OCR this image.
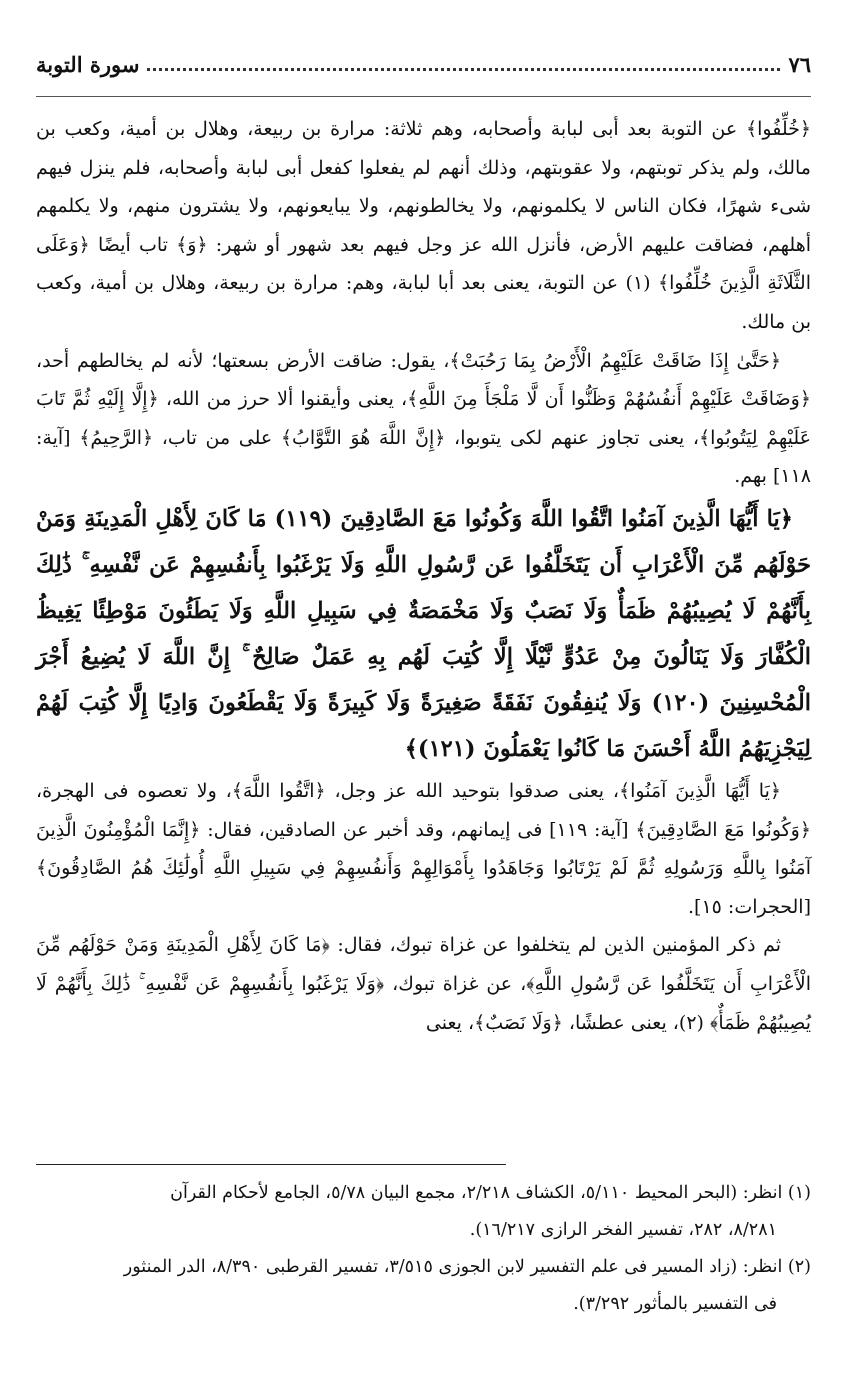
٧٦
سورة التوبة

﴿خُلِّفُوا﴾ عن التوبة بعد أبى لبابة وأصحابه، وهم ثلاثة: مرارة بن ربيعة، وهلال بن أمية، وكعب بن مالك، ولم يذكر توبتهم، ولا عقوبتهم، وذلك أنهم لم يفعلوا كفعل أبى لبابة وأصحابه، فلم ينزل فيهم شىء شهرًا، فكان الناس لا يكلمونهم، ولا يخالطونهم، ولا يبايعونهم، ولا يشترون منهم، ولا يكلمهم أهلهم، فضاقت عليهم الأرض، فأنزل الله عز وجل فيهم بعد شهور أو شهر: ﴿وَ﴾ تاب أيضًا ﴿وَعَلَى الثَّلَاثَةِ الَّذِينَ خُلِّفُوا﴾ (١) عن التوبة، يعنى بعد أبا لبابة، وهم: مرارة بن ربيعة، وهلال بن أمية، وكعب بن مالك.

﴿حَتَّىٰ إِذَا ضَاقَتْ عَلَيْهِمُ الْأَرْضُ بِمَا رَحُبَتْ﴾، يقول: ضاقت الأرض بسعتها؛ لأنه لم يخالطهم أحد، ﴿وَضَاقَتْ عَلَيْهِمْ أَنفُسُهُمْ وَظَنُّوا أَن لَّا مَلْجَأَ مِنَ اللَّهِ﴾، يعنى وأيقنوا ألا حرز من الله، ﴿إِلَّا إِلَيْهِ ثُمَّ تَابَ عَلَيْهِمْ لِيَتُوبُوا﴾، يعنى تجاوز عنهم لكى يتوبوا، ﴿إِنَّ اللَّهَ هُوَ التَّوَّابُ﴾ على من تاب، ﴿الرَّحِيمُ﴾ [آية: ١١٨] بهم.

﴿يَا أَيُّهَا الَّذِينَ آمَنُوا اتَّقُوا اللَّهَ وَكُونُوا مَعَ الصَّادِقِينَ (١١٩) مَا كَانَ لِأَهْلِ الْمَدِينَةِ وَمَنْ حَوْلَهُم مِّنَ الْأَعْرَابِ أَن يَتَخَلَّفُوا عَن رَّسُولِ اللَّهِ وَلَا يَرْغَبُوا بِأَنفُسِهِمْ عَن نَّفْسِهِ ۚ ذَٰلِكَ بِأَنَّهُمْ لَا يُصِيبُهُمْ ظَمَأٌ وَلَا نَصَبٌ وَلَا مَخْمَصَةٌ فِي سَبِيلِ اللَّهِ وَلَا يَطَئُونَ مَوْطِئًا يَغِيظُ الْكُفَّارَ وَلَا يَنَالُونَ مِنْ عَدُوٍّ نَّيْلًا إِلَّا كُتِبَ لَهُم بِهِ عَمَلٌ صَالِحٌ ۚ إِنَّ اللَّهَ لَا يُضِيعُ أَجْرَ الْمُحْسِنِينَ (١٢٠) وَلَا يُنفِقُونَ نَفَقَةً صَغِيرَةً وَلَا كَبِيرَةً وَلَا يَقْطَعُونَ وَادِيًا إِلَّا كُتِبَ لَهُمْ لِيَجْزِيَهُمُ اللَّهُ أَحْسَنَ مَا كَانُوا يَعْمَلُونَ (١٢١)﴾

﴿يَا أَيُّهَا الَّذِينَ آمَنُوا﴾، يعنى صدقوا بتوحيد الله عز وجل، ﴿اتَّقُوا اللَّهَ﴾، ولا تعصوه فى الهجرة، ﴿وَكُونُوا مَعَ الصَّادِقِينَ﴾ [آية: ١١٩] فى إيمانهم، وقد أخبر عن الصادقين، فقال: ﴿إِنَّمَا الْمُؤْمِنُونَ الَّذِينَ آمَنُوا بِاللَّهِ وَرَسُولِهِ ثُمَّ لَمْ يَرْتَابُوا وَجَاهَدُوا بِأَمْوَالِهِمْ وَأَنفُسِهِمْ فِي سَبِيلِ اللَّهِ أُولَٰئِكَ هُمُ الصَّادِقُونَ﴾ [الحجرات: ١٥].

ثم ذكر المؤمنين الذين لم يتخلفوا عن غزاة تبوك، فقال: ﴿مَا كَانَ لِأَهْلِ الْمَدِينَةِ وَمَنْ حَوْلَهُم مِّنَ الْأَعْرَابِ أَن يَتَخَلَّفُوا عَن رَّسُولِ اللَّهِ﴾، عن غزاة تبوك، ﴿وَلَا يَرْغَبُوا بِأَنفُسِهِمْ عَن نَّفْسِهِ ۚ ذَٰلِكَ بِأَنَّهُمْ لَا يُصِيبُهُمْ ظَمَأٌ﴾ (٢)، يعنى عطشًا، ﴿وَلَا نَصَبٌ﴾، يعنى

(١) انظر: (البحر المحيط ٥/١١٠، الكشاف ٢/٢١٨، مجمع البيان ٥/٧٨، الجامع لأحكام القرآن

٨/٢٨١، ٢٨٢، تفسير الفخر الرازى ١٦/٢١٧).

(٢) انظر: (زاد المسير فى علم التفسير لابن الجوزى ٣/٥١٥، تفسير القرطبى ٨/٣٩٠، الدر المنثور

فى التفسير بالمأثور ٣/٢٩٢).
